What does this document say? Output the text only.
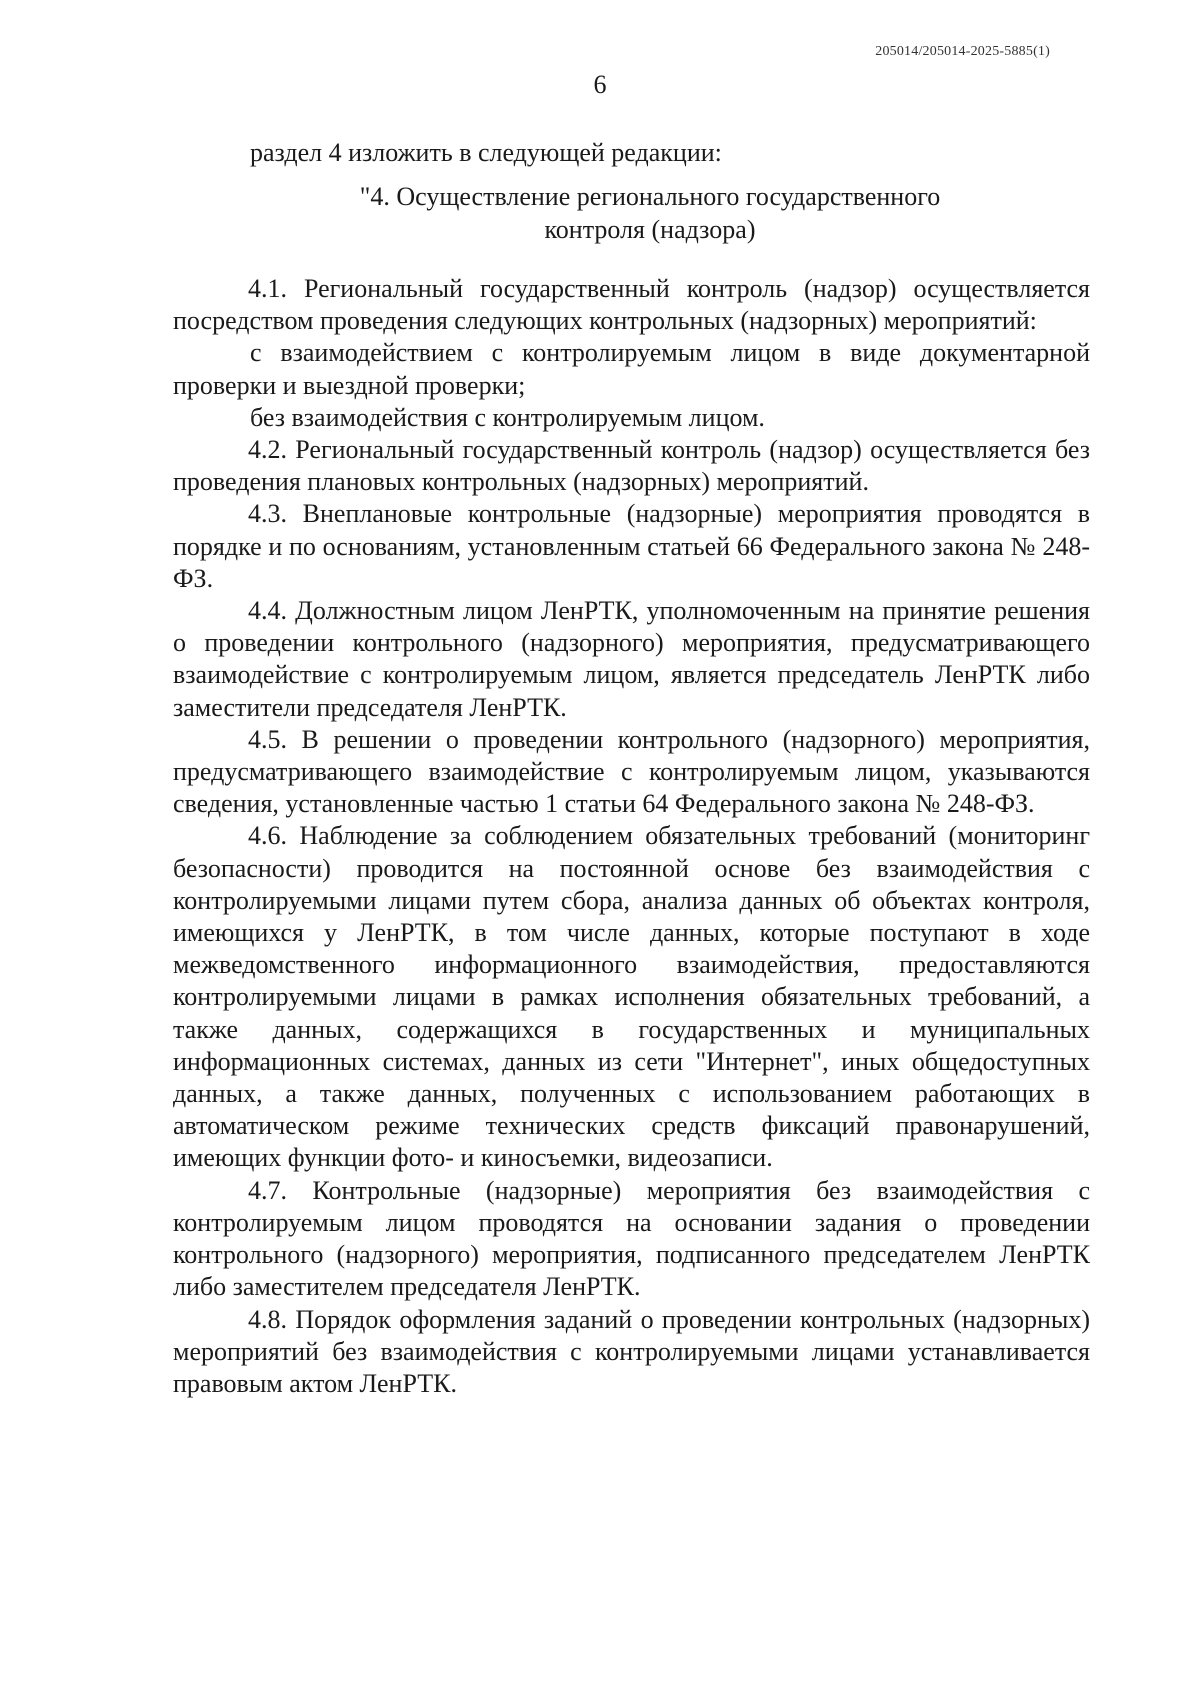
205014/205014-2025-5885(1)
6
раздел 4 изложить в следующей редакции:
"4. Осуществление регионального государственного
контроля (надзора)

4.1. Региональный государственный контроль (надзор) осуществляется посредством проведения следующих контрольных (надзорных) мероприятий:

с взаимодействием с контролируемым лицом в виде документарной проверки и выездной проверки;

без взаимодействия с контролируемым лицом.

4.2. Региональный государственный контроль (надзор) осуществляется без проведения плановых контрольных (надзорных) мероприятий.

4.3. Внеплановые контрольные (надзорные) мероприятия проводятся в порядке и по основаниям, установленным статьей 66 Федерального закона № 248-ФЗ.

4.4. Должностным лицом ЛенРТК, уполномоченным на принятие решения о проведении контрольного (надзорного) мероприятия, предусматривающего взаимодействие с контролируемым лицом, является председатель ЛенРТК либо заместители председателя ЛенРТК.

4.5. В решении о проведении контрольного (надзорного) мероприятия, предусматривающего взаимодействие с контролируемым лицом, указываются сведения, установленные частью 1 статьи 64 Федерального закона № 248-ФЗ.

4.6. Наблюдение за соблюдением обязательных требований (мониторинг безопасности) проводится на постоянной основе без взаимодействия с контролируемыми лицами путем сбора, анализа данных об объектах контроля, имеющихся у ЛенРТК, в том числе данных, которые поступают в ходе межведомственного информационного взаимодействия, предоставляются контролируемыми лицами в рамках исполнения обязательных требований, а также данных, содержащихся в государственных и муниципальных информационных системах, данных из сети "Интернет", иных общедоступных данных, а также данных, полученных с использованием работающих в автоматическом режиме технических средств фиксаций правонарушений, имеющих функции фото- и киносъемки, видеозаписи.

4.7. Контрольные (надзорные) мероприятия без взаимодействия с контролируемым лицом проводятся на основании задания о проведении контрольного (надзорного) мероприятия, подписанного председателем ЛенРТК либо заместителем председателя ЛенРТК.

4.8. Порядок оформления заданий о проведении контрольных (надзорных) мероприятий без взаимодействия с контролируемыми лицами устанавливается правовым актом ЛенРТК.
